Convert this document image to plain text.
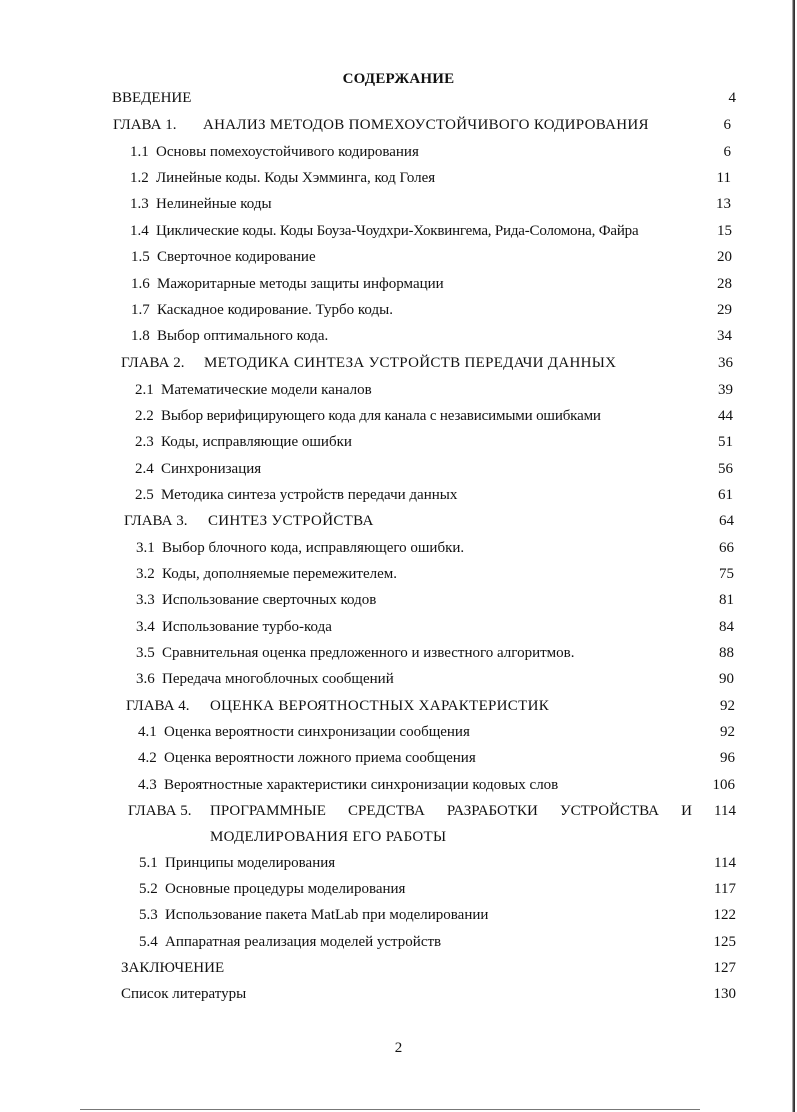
СОДЕРЖАНИЕ
ВВЕДЕНИЕ	4
ГЛАВА 1. АНАЛИЗ МЕТОДОВ ПОМЕХОУСТОЙЧИВОГО КОДИРОВАНИЯ	6
1.1 Основы помехоустойчивого кодирования	6
1.2 Линейные коды. Коды Хэмминга, код Голея	11
1.3 Нелинейные коды	13
1.4 Циклические коды. Коды Боуза-Чоудхри-Хоквингема, Рида-Соломона, Файра	15
1.5 Сверточное кодирование	20
1.6 Мажоритарные методы защиты информации	28
1.7 Каскадное кодирование. Турбо коды.	29
1.8 Выбор оптимального кода.	34
ГЛАВА 2. МЕТОДИКА СИНТЕЗА УСТРОЙСТВ ПЕРЕДАЧИ ДАННЫХ	36
2.1 Математические модели каналов	39
2.2 Выбор верифицирующего кода для канала с независимыми ошибками	44
2.3 Коды, исправляющие ошибки	51
2.4 Синхронизация	56
2.5 Методика синтеза устройств передачи данных	61
ГЛАВА 3. СИНТЕЗ УСТРОЙСТВА	64
3.1 Выбор блочного кода, исправляющего ошибки.	66
3.2 Коды, дополняемые перемежителем.	75
3.3 Использование сверточных кодов	81
3.4 Использование турбо-кода	84
3.5 Сравнительная оценка предложенного и известного алгоритмов.	88
3.6 Передача многоблочных сообщений	90
ГЛАВА 4. ОЦЕНКА ВЕРОЯТНОСТНЫХ ХАРАКТЕРИСТИК	92
4.1 Оценка вероятности синхронизации сообщения	92
4.2 Оценка вероятности ложного приема сообщения	96
4.3 Вероятностные характеристики синхронизации кодовых слов	106
ГЛАВА 5. ПРОГРАММНЫЕ СРЕДСТВА РАЗРАБОТКИ УСТРОЙСТВА И 114
МОДЕЛИРОВАНИЯ ЕГО РАБОТЫ
5.1 Принципы моделирования	114
5.2 Основные процедуры моделирования	117
5.3 Использование пакета MatLab при моделировании	122
5.4 Аппаратная реализация моделей устройств	125
ЗАКЛЮЧЕНИЕ	127
Список литературы	130
2
